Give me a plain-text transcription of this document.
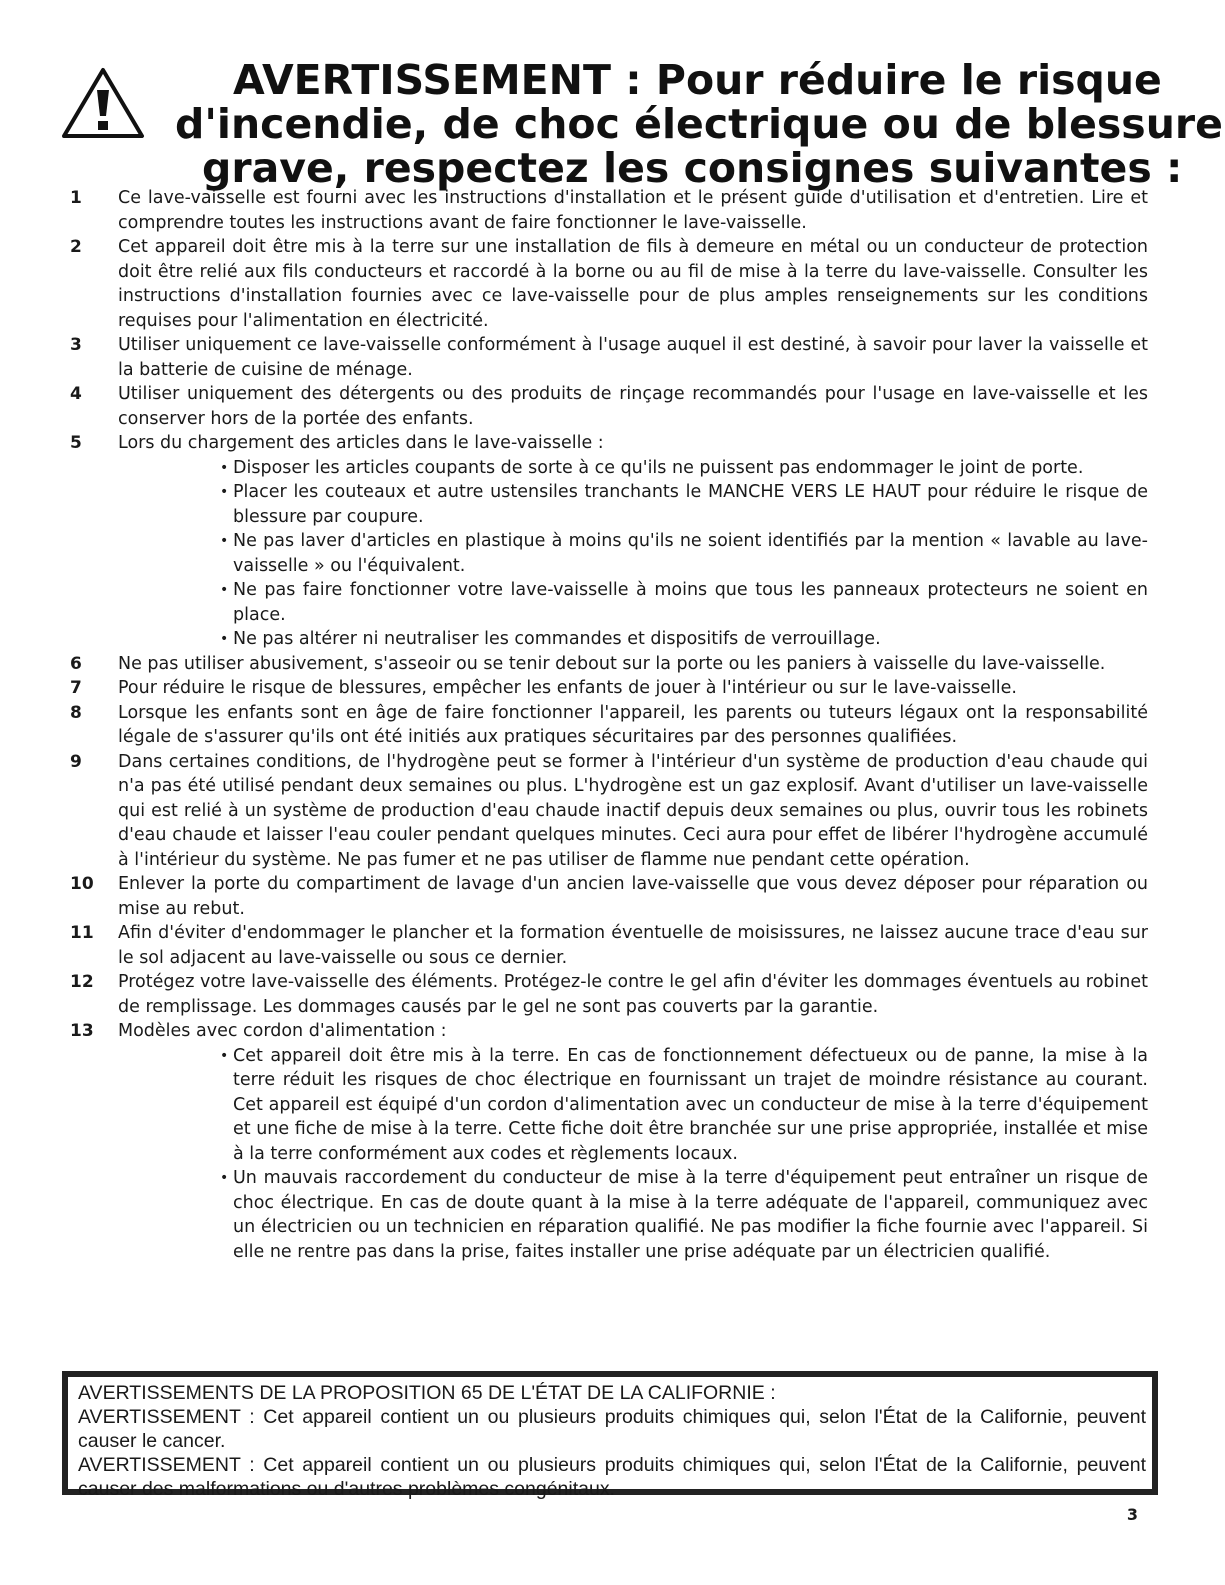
AVERTISSEMENT : Pour réduire le risque
d'incendie, de choc électrique ou de blessure
grave, respectez les consignes suivantes :
1 Ce lave-vaisselle est fourni avec les instructions d'installation et le présent guide d'utilisation et d'entretien. Lire et comprendre toutes les instructions avant de faire fonctionner le lave-vaisselle.
2 Cet appareil doit être mis à la terre sur une installation de fils à demeure en métal ou un conducteur de protection doit être relié aux fils conducteurs et raccordé à la borne ou au fil de mise à la terre du lave-vaisselle. Consulter les instructions d'installation fournies avec ce lave-vaisselle pour de plus amples renseignements sur les conditions requises pour l'alimentation en électricité.
3 Utiliser uniquement ce lave-vaisselle conformément à l'usage auquel il est destiné, à savoir pour laver la vaisselle et la batterie de cuisine de ménage.
4 Utiliser uniquement des détergents ou des produits de rinçage recommandés pour l'usage en lave-vaisselle et les conserver hors de la portée des enfants.
5 Lors du chargement des articles dans le lave-vaisselle :
• Disposer les articles coupants de sorte à ce qu'ils ne puissent pas endommager le joint de porte.
• Placer les couteaux et autre ustensiles tranchants le MANCHE VERS LE HAUT pour réduire le risque de blessure par coupure.
• Ne pas laver d'articles en plastique à moins qu'ils ne soient identifiés par la mention « lavable au lave-vaisselle » ou l'équivalent.
• Ne pas faire fonctionner votre lave-vaisselle à moins que tous les panneaux protecteurs ne soient en place.
• Ne pas altérer ni neutraliser les commandes et dispositifs de verrouillage.
6 Ne pas utiliser abusivement, s'asseoir ou se tenir debout sur la porte ou les paniers à vaisselle du lave-vaisselle.
7 Pour réduire le risque de blessures, empêcher les enfants de jouer à l'intérieur ou sur le lave-vaisselle.
8 Lorsque les enfants sont en âge de faire fonctionner l'appareil, les parents ou tuteurs légaux ont la responsabilité légale de s'assurer qu'ils ont été initiés aux pratiques sécuritaires par des personnes qualifiées.
9 Dans certaines conditions, de l'hydrogène peut se former à l'intérieur d'un système de production d'eau chaude qui n'a pas été utilisé pendant deux semaines ou plus. L'hydrogène est un gaz explosif. Avant d'utiliser un lave-vaisselle qui est relié à un système de production d'eau chaude inactif depuis deux semaines ou plus, ouvrir tous les robinets d'eau chaude et laisser l'eau couler pendant quelques minutes. Ceci aura pour effet de libérer l'hydrogène accumulé à l'intérieur du système. Ne pas fumer et ne pas utiliser de flamme nue pendant cette opération.
10 Enlever la porte du compartiment de lavage d'un ancien lave-vaisselle que vous devez déposer pour réparation ou mise au rebut.
11 Afin d'éviter d'endommager le plancher et la formation éventuelle de moisissures, ne laissez aucune trace d'eau sur le sol adjacent au lave-vaisselle ou sous ce dernier.
12 Protégez votre lave-vaisselle des éléments. Protégez-le contre le gel afin d'éviter les dommages éventuels au robinet de remplissage. Les dommages causés par le gel ne sont pas couverts par la garantie.
13 Modèles avec cordon d'alimentation :
• Cet appareil doit être mis à la terre. En cas de fonctionnement défectueux ou de panne, la mise à la terre réduit les risques de choc électrique en fournissant un trajet de moindre résistance au courant. Cet appareil est équipé d'un cordon d'alimentation avec un conducteur de mise à la terre d'équipement et une fiche de mise à la terre. Cette fiche doit être branchée sur une prise appropriée, installée et mise à la terre conformément aux codes et règlements locaux.
• Un mauvais raccordement du conducteur de mise à la terre d'équipement peut entraîner un risque de choc électrique. En cas de doute quant à la mise à la terre adéquate de l'appareil, communiquez avec un électricien ou un technicien en réparation qualifié. Ne pas modifier la fiche fournie avec l'appareil. Si elle ne rentre pas dans la prise, faites installer une prise adéquate par un électricien qualifié.

AVERTISSEMENTS DE LA PROPOSITION 65 DE L'ÉTAT DE LA CALIFORNIE :

AVERTISSEMENT : Cet appareil contient un ou plusieurs produits chimiques qui, selon l'État de la Californie, peuvent causer le cancer.

AVERTISSEMENT : Cet appareil contient un ou plusieurs produits chimiques qui, selon l'État de la Californie, peuvent causer des malformations ou d'autres problèmes congénitaux.

3
